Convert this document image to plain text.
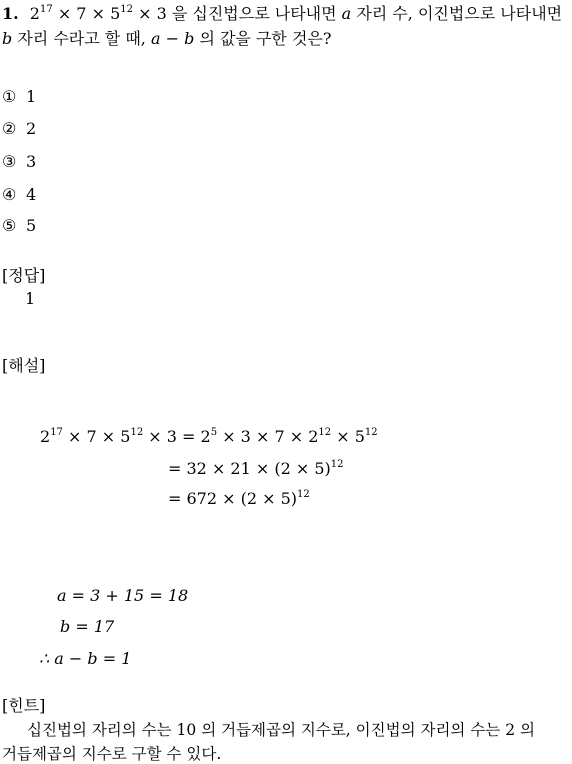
1. $2^{17} \times 7 \times 5^{12} \times 3$ 을 십진법으로 나타내면 a 자리 수, 이진법으로 나타내면
b 자리 수라고 할 때, a − b 의 값을 구한 것은?
① 1
② 2
③ 3
④ 4
⑤ 5
[정답]
1
[해설]
$2^{17} \times 7 \times 5^{12} \times 3 = 2^5 \times 3 \times 7 \times 2^{12} \times 5^{12}$
= $32 \times 21 \times (2 \times 5)^{12}$
= $672 \times (2 \times 5)^{12}$
a = 3 + 15 = 18
b = 17
∴ a − b = 1
[힌트]
십진법의 자리의 수는 10 의 거듭제곱의 지수로, 이진법의 자리의 수는 2 의
거듭제곱의 지수로 구할 수 있다.
